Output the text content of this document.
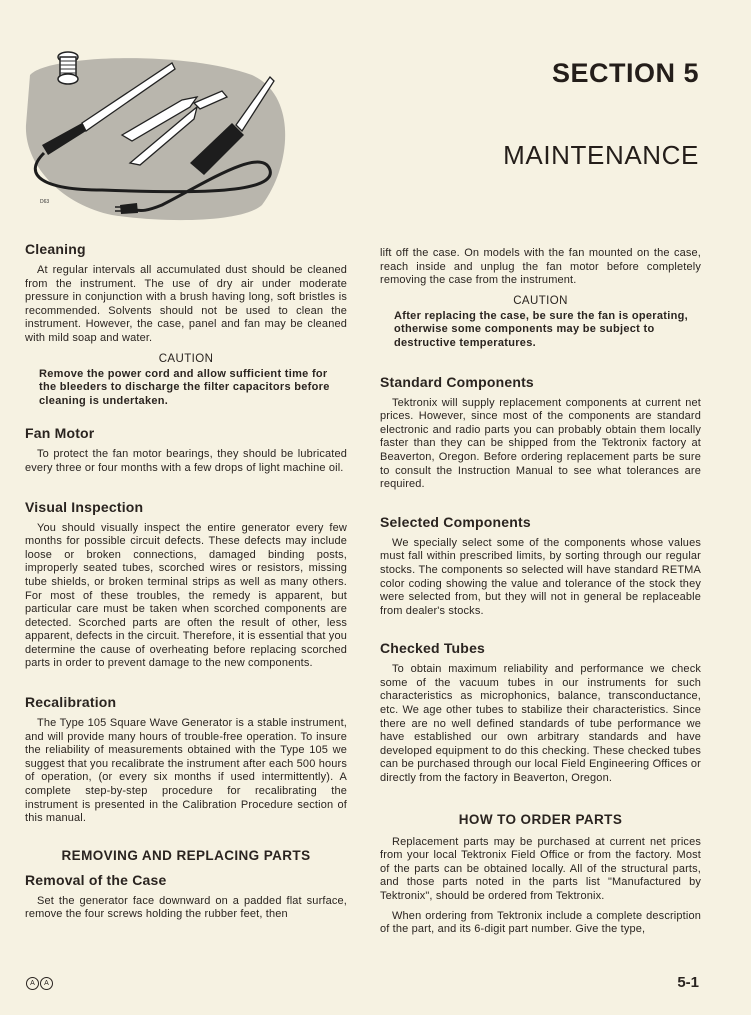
D63
SECTION 5
MAINTENANCE
Cleaning

At regular intervals all accumulated dust should be cleaned from the instrument. The use of dry air under moderate pressure in conjunction with a brush having long, soft bristles is recommended. Solvents should not be used to clean the instrument. However, the case, panel and fan may be cleaned with mild soap and water.

CAUTION
Remove the power cord and allow sufficient time for the bleeders to discharge the filter capacitors before cleaning is undertaken.
Fan Motor

To protect the fan motor bearings, they should be lubricated every three or four months with a few drops of light machine oil.

Visual Inspection

You should visually inspect the entire generator every few months for possible circuit defects. These defects may include loose or broken connections, damaged binding posts, improperly seated tubes, scorched wires or resistors, missing tube shields, or broken terminal strips as well as many others. For most of these troubles, the remedy is apparent, but particular care must be taken when scorched components are detected. Scorched parts are often the result of other, less apparent, defects in the circuit. Therefore, it is essential that you determine the cause of overheating before replacing scorched parts in order to prevent damage to the new components.

Recalibration

The Type 105 Square Wave Generator is a stable instrument, and will provide many hours of trouble-free operation. To insure the reliability of measurements obtained with the Type 105 we suggest that you recalibrate the instrument after each 500 hours of operation, (or every six months if used intermittently). A complete step-by-step procedure for recalibrating the instrument is presented in the Calibration Procedure section of this manual.

REMOVING AND REPLACING PARTS
Removal of the Case

Set the generator face downward on a padded flat surface, remove the four screws holding the rubber feet, then

lift off the case. On models with the fan mounted on the case, reach inside and unplug the fan motor before completely removing the case from the instrument.

CAUTION
After replacing the case, be sure the fan is operating, otherwise some components may be subject to destructive temperatures.
Standard Components

Tektronix will supply replacement components at current net prices. However, since most of the components are standard electronic and radio parts you can probably obtain them locally faster than they can be shipped from the Tektronix factory at Beaverton, Oregon. Before ordering replacement parts be sure to consult the Instruction Manual to see what tolerances are required.

Selected Components

We specially select some of the components whose values must fall within prescribed limits, by sorting through our regular stocks. The components so selected will have standard RETMA color coding showing the value and tolerance of the stock they were selected from, but they will not in general be replaceable from dealer's stocks.

Checked Tubes

To obtain maximum reliability and performance we check some of the vacuum tubes in our instruments for such characteristics as microphonics, balance, transconductance, etc. We age other tubes to stabilize their characteristics. Since there are no well defined standards of tube performance we have established our own arbitrary standards and have developed equipment to do this checking. These checked tubes can be purchased through our local Field Engineering Offices or directly from the factory in Beaverton, Oregon.

HOW TO ORDER PARTS

Replacement parts may be purchased at current net prices from your local Tektronix Field Office or from the factory. Most of the parts can be obtained locally. All of the structural parts, and those parts noted in the parts list "Manufactured by Tektronix", should be ordered from Tektronix.

When ordering from Tektronix include a complete description of the part, and its 6-digit part number. Give the type,

A A	5-1
